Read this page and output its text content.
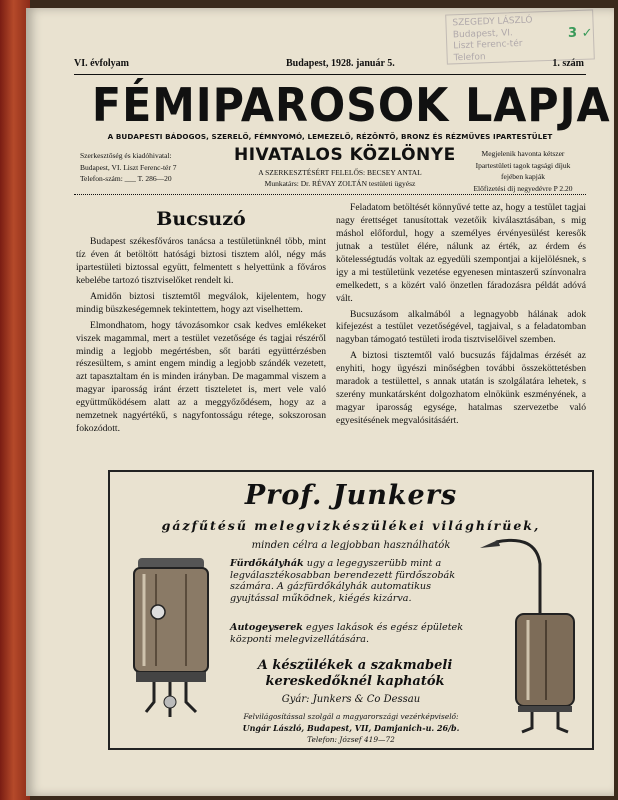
SZEGEDY LÁSZLÓ
Budapest, VI.
Liszt Ferenc-tér
Telefon
3 ✓
VI. évfolyam	Budapest, 1928. január 5.	1. szám
FÉMIPAROSOK LAPJA
A BUDAPESTI BÁDOGOS, SZERELŐ, FÉMNYOMÓ, LEMEZELŐ, RÉZÖNTŐ, BRONZ ÉS RÉZMŰVES IPARTESTÜLET
Szerkesztőség és kiadóhivatal:
Budapest, VI. Liszt Ferenc-tér 7
Telefon-szám: ___ T. 286—20
HIVATALOS KÖZLÖNYE
A SZERKESZTÉSÉRT FELELŐS: BECSEY ANTAL
Munkatárs: Dr. RÉVAY ZOLTÁN testületi ügyész
Megjelenik havonta kétszer
Ipartestületi tagok tagsági díjuk
fejében kapják
Előfizetési díj negyedévre P 2.20
Bucsuzó

Budapest székesfőváros tanácsa a testületünknél több, mint tíz éven át betöltött hatósági biztosi tisztem alól, négy más ipartestületi biztossal együtt, felmentett s helyettünk a főváros kebelébe tartozó tisztviselőket rendelt ki.

Amidőn biztosi tisztemtől megválok, kijelentem, hogy mindig büszkeségemnek tekintettem, hogy azt viselhettem.

Elmondhatom, hogy távozásomkor csak kedves emlékeket viszek magammal, mert a testület vezetősége és tagjai részéről mindig a legjobb megértésben, sőt baráti együttérzésben részesültem, s amint engem mindig a legjobb szándék vezetett, azt tapasztaltam én is minden irányban. De magammal viszem a magyar iparosság iránt érzett tiszteletet is, mert vele való együttműködésem alatt az a meggyőződésem, hogy az a nemzetnek nagyértékű, s nagyfontosságu rétege, sokszorosan fokozódott.

Feladatom betöltését könnyűvé tette az, hogy a testület tagjai nagy érettséget tanusítottak vezetőik kiválasztásában, s mig máshol előfordul, hogy a személyes érvényesülést keresők jutnak a testület élére, nálunk az érték, az érdem és kötelességtudás voltak az egyedüli szempontjai a kijelölésnek, s igy a mi testületünk vezetése egyenesen mintaszerű színvonalra emelkedett, s a közért való önzetlen fáradozásra példát adóvá vált.

Bucsuzásom alkalmából a legnagyobb hálának adok kifejezést a testület vezetőségével, tagjaival, s a feladatomban nagyban támogató testületi iroda tisztviselőivel szemben.

A biztosi tisztemtől való bucsuzás fájdalmas érzését az enyhiti, hogy ügyészi minőségben további összeköttetésben maradok a testülettel, s annak utatán is szolgálatára lehetek, s szerény munkatársként dolgozhatom elnökünk eszményének, a magyar iparosság egysége, hatalmas szervezetbe való egyesitésének megvalósitásáért.

Prof. Junkers
gázfűtésű melegvizkészülékei világhírüek,
minden célra a legjobban használhatók
Fürdőkályhák ugy a legegyszerübb mint a legválasztékosabban berendezett fürdőszobák számára. A gázfürdőkályhák automatikus gyujtással működnek, kiégés kizárva.
Autogeyserek egyes lakások és egész épületek központi melegvizellátására.
A készülékek a szakmabeli kereskedőknél kaphatók
Gyár: Junkers & Co Dessau
Felvilágosítással szolgál a magyarországi vezérképviselő:
Ungár László, Budapest, VII, Damjanich-u. 26/b.
Telefon: József 419—72
